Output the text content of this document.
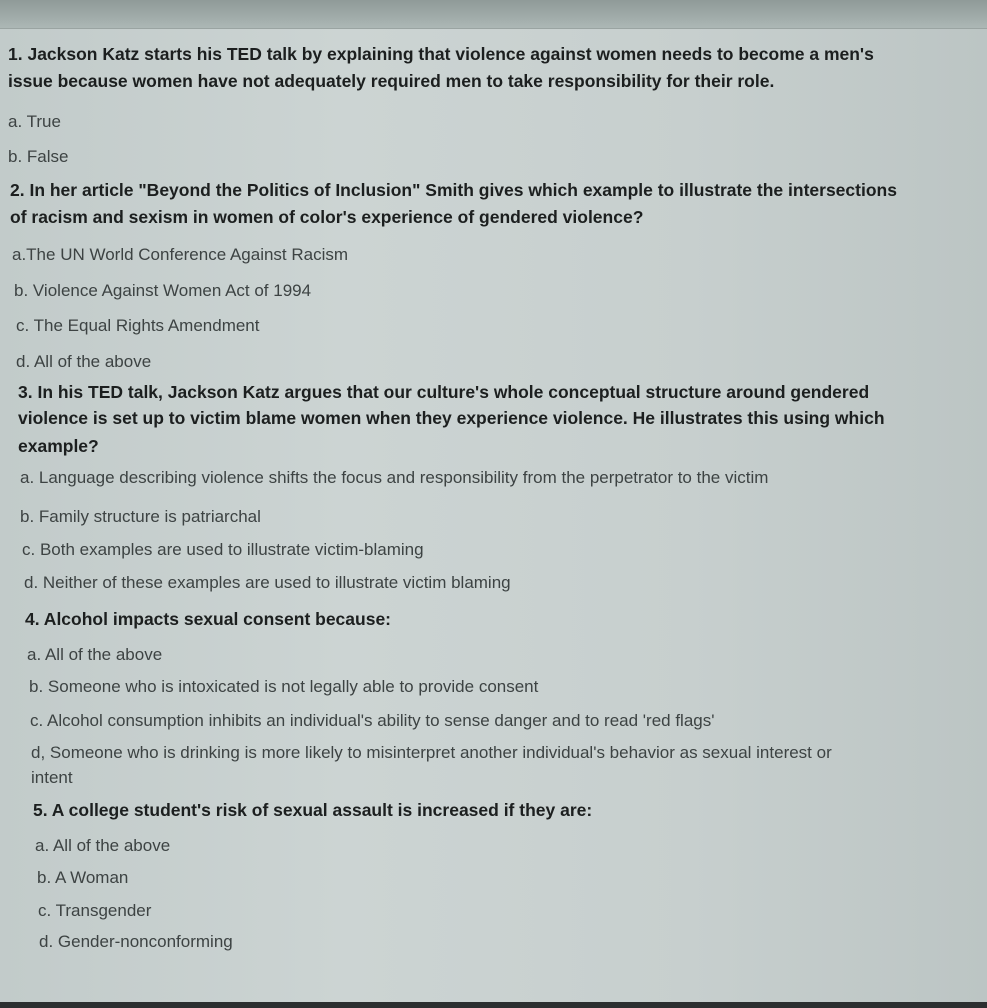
1. Jackson Katz starts his TED talk by explaining that violence against women needs to become a men's
issue because women have not adequately required men to take responsibility for their role.
a. True
b. False
2. In her article "Beyond the Politics of Inclusion" Smith gives which example to illustrate the intersections
of racism and sexism in women of color's experience of gendered violence?
a.The UN World Conference Against Racism
b. Violence Against Women Act of 1994
c. The Equal Rights Amendment
d. All of the above
3. In his TED talk, Jackson Katz argues that our culture's whole conceptual structure around gendered
violence is set up to victim blame women when they experience violence. He illustrates this using which
example?
a. Language describing violence shifts the focus and responsibility from the perpetrator to the victim
b. Family structure is patriarchal
c. Both examples are used to illustrate victim-blaming
d. Neither of these examples are used to illustrate victim blaming
4. Alcohol impacts sexual consent because:
a. All of the above
b. Someone who is intoxicated is not legally able to provide consent
c. Alcohol consumption inhibits an individual's ability to sense danger and to read 'red flags'
d, Someone who is drinking is more likely to misinterpret another individual's behavior as sexual interest or
intent
5. A college student's risk of sexual assault is increased if they are:
a. All of the above
b. A Woman
c. Transgender
d. Gender-nonconforming
